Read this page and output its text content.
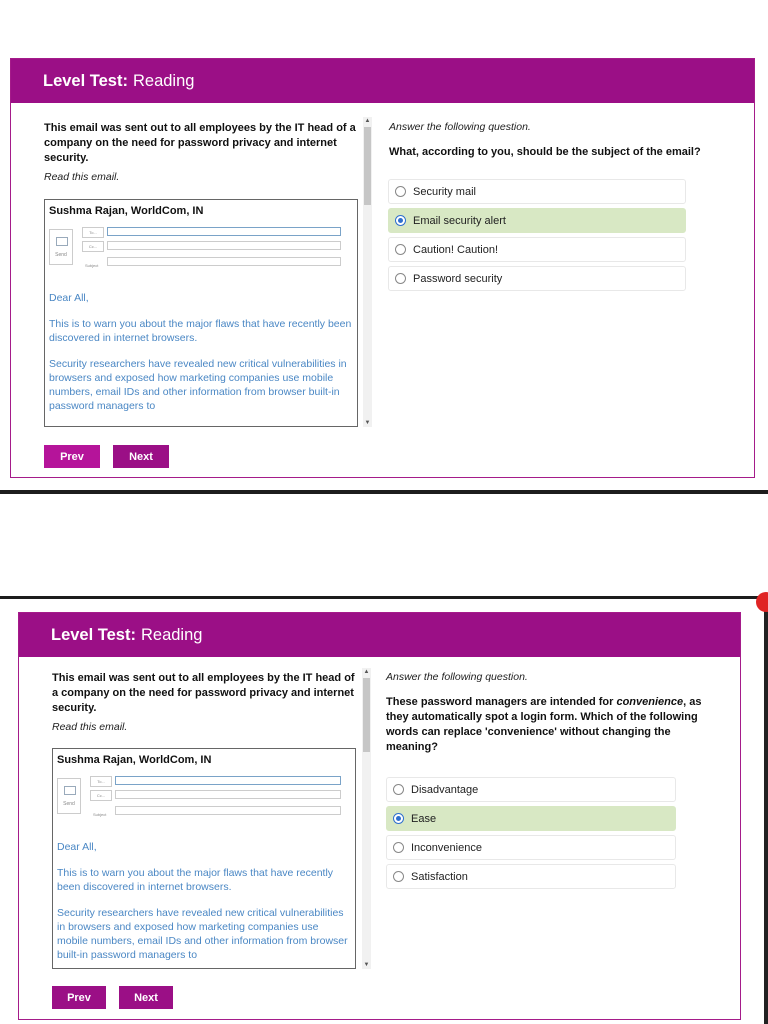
Level Test: Reading
This email was sent out to all employees by the IT head of a company on the need for password privacy and internet security.
Read this email.
Sushma Rajan, WorldCom, IN
Send
To...
Cc...
Subject

Dear All,

This is to warn you about the major flaws that have recently been discovered in internet browsers.

Security researchers have revealed new critical vulnerabilities in browsers and exposed how marketing companies use mobile numbers, email IDs and other information from browser built-in password managers to

▲
▼
Prev	Next
Answer the following question.
What, according to you, should be the subject of the email?
Security mail
Email security alert
Caution! Caution!
Password security
Level Test: Reading
This email was sent out to all employees by the IT head of a company on the need for password privacy and internet security.
Read this email.
Sushma Rajan, WorldCom, IN
Send
To...
Cc...
Subject

Dear All,

This is to warn you about the major flaws that have recently been discovered in internet browsers.

Security researchers have revealed new critical vulnerabilities in browsers and exposed how marketing companies use mobile numbers, email IDs and other information from browser built-in password managers to

▲
▼
Prev	Next
Answer the following question.
These password managers are intended for convenience, as they automatically spot a login form. Which of the following words can replace 'convenience' without changing the meaning?
Disadvantage
Ease
Inconvenience
Satisfaction
